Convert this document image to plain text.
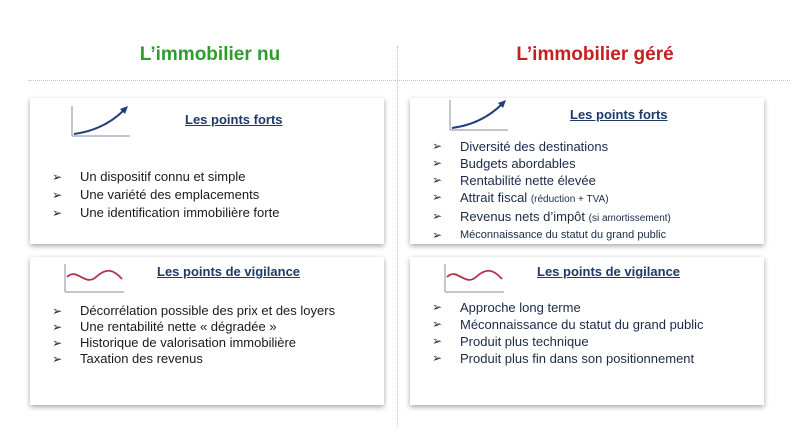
L’immobilier nu	L’immobilier géré
Les points forts
➢ Un dispositif connu et simple
➢ Une variété des emplacements
➢ Une identification immobilière forte
Les points de vigilance
➢ Décorrélation possible des prix et des loyers
➢ Une rentabilité nette « dégradée »
➢ Historique de valorisation immobilière
➢ Taxation des revenus
Les points forts
➢ Diversité des destinations
➢ Budgets abordables
➢ Rentabilité nette élevée
➢ Attrait fiscal (réduction + TVA)
➢ Revenus nets d’impôt (si amortissement)
➢ Méconnaissance du statut du grand public
Les points de vigilance
➢ Approche long terme
➢ Méconnaissance du statut du grand public
➢ Produit plus technique
➢ Produit plus fin dans son positionnement
